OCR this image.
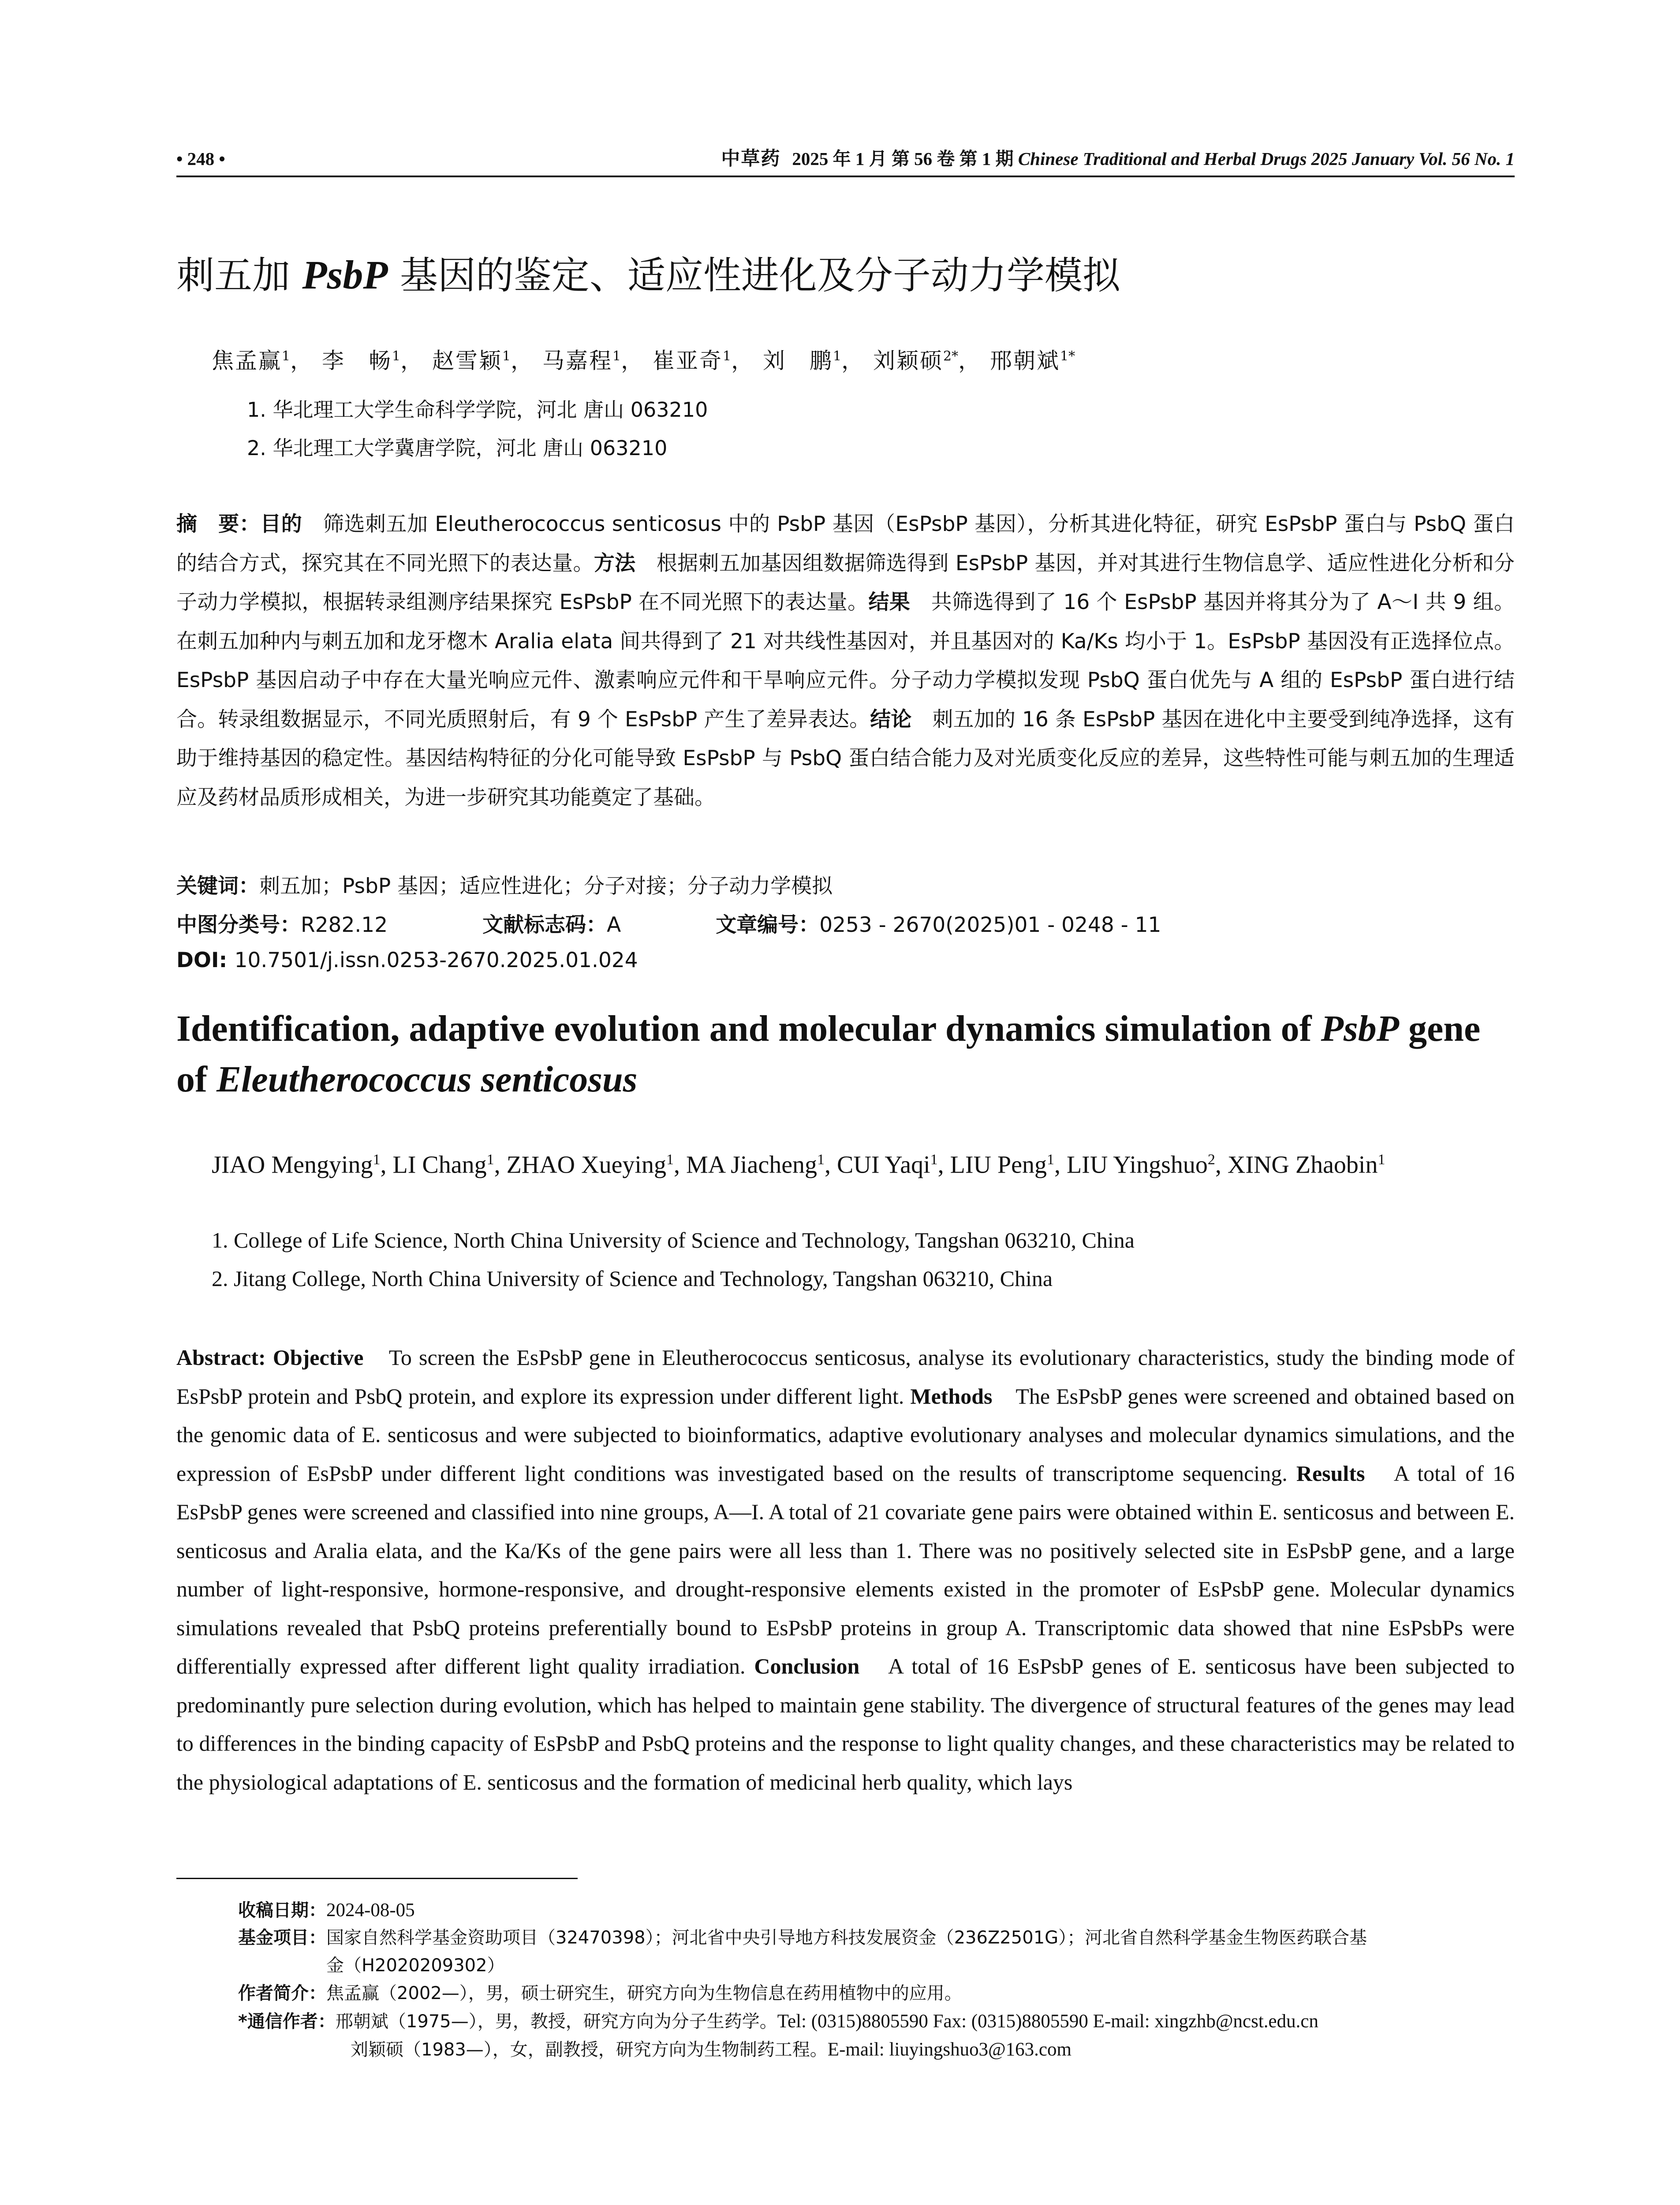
• 248 •	中草药 2025 年 1 月 第 56 卷 第 1 期 Chinese Traditional and Herbal Drugs 2025 January Vol. 56 No. 1
刺五加 PsbP 基因的鉴定、适应性进化及分子动力学模拟
焦孟赢$^1$， 李　畅$^1$， 赵雪颖$^1$， 马嘉程$^1$， 崔亚奇$^1$， 刘　鹏$^1$， 刘颖硕$^{2*}$， 邢朝斌$^{1*}$
1. 华北理工大学生命科学学院，河北 唐山 063210
2. 华北理工大学冀唐学院，河北 唐山 063210
摘　要：目的　筛选刺五加 Eleutherococcus senticosus 中的 PsbP 基因（EsPsbP 基因），分析其进化特征，研究 EsPsbP 蛋白与 PsbQ 蛋白的结合方式，探究其在不同光照下的表达量。方法　根据刺五加基因组数据筛选得到 EsPsbP 基因，并对其进行生物信息学、适应性进化分析和分子动力学模拟，根据转录组测序结果探究 EsPsbP 在不同光照下的表达量。结果　共筛选得到了 16 个 EsPsbP 基因并将其分为了 A～I 共 9 组。在刺五加种内与刺五加和龙牙楤木 Aralia elata 间共得到了 21 对共线性基因对，并且基因对的 Ka/Ks 均小于 1。EsPsbP 基因没有正选择位点。EsPsbP 基因启动子中存在大量光响应元件、激素响应元件和干旱响应元件。分子动力学模拟发现 PsbQ 蛋白优先与 A 组的 EsPsbP 蛋白进行结合。转录组数据显示，不同光质照射后，有 9 个 EsPsbP 产生了差异表达。结论　刺五加的 16 条 EsPsbP 基因在进化中主要受到纯净选择，这有助于维持基因的稳定性。基因结构特征的分化可能导致 EsPsbP 与 PsbQ 蛋白结合能力及对光质变化反应的差异，这些特性可能与刺五加的生理适应及药材品质形成相关，为进一步研究其功能奠定了基础。
关键词：刺五加；PsbP 基因；适应性进化；分子对接；分子动力学模拟
中图分类号：R282.12	文献标志码：A	文章编号：0253 - 2670(2025)01 - 0248 - 11
DOI: 10.7501/j.issn.0253-2670.2025.01.024
Identification, adaptive evolution and molecular dynamics simulation of PsbP gene of Eleutherococcus senticosus
JIAO Mengying$^1$, LI Chang$^1$, ZHAO Xueying$^1$, MA Jiacheng$^1$, CUI Yaqi$^1$, LIU Peng$^1$, LIU Yingshuo$^2$, XING Zhaobin$^1$
1. College of Life Science, North China University of Science and Technology, Tangshan 063210, China
2. Jitang College, North China University of Science and Technology, Tangshan 063210, China
Abstract: Objective　To screen the EsPsbP gene in Eleutherococcus senticosus, analyse its evolutionary characteristics, study the binding mode of EsPsbP protein and PsbQ protein, and explore its expression under different light. Methods　The EsPsbP genes were screened and obtained based on the genomic data of E. senticosus and were subjected to bioinformatics, adaptive evolutionary analyses and molecular dynamics simulations, and the expression of EsPsbP under different light conditions was investigated based on the results of transcriptome sequencing. Results　A total of 16 EsPsbP genes were screened and classified into nine groups, A—I. A total of 21 covariate gene pairs were obtained within E. senticosus and between E. senticosus and Aralia elata, and the Ka/Ks of the gene pairs were all less than 1. There was no positively selected site in EsPsbP gene, and a large number of light-responsive, hormone-responsive, and drought-responsive elements existed in the promoter of EsPsbP gene. Molecular dynamics simulations revealed that PsbQ proteins preferentially bound to EsPsbP proteins in group A. Transcriptomic data showed that nine EsPsbPs were differentially expressed after different light quality irradiation. Conclusion　A total of 16 EsPsbP genes of E. senticosus have been subjected to predominantly pure selection during evolution, which has helped to maintain gene stability. The divergence of structural features of the genes may lead to differences in the binding capacity of EsPsbP and PsbQ proteins and the response to light quality changes, and these characteristics may be related to the physiological adaptations of E. senticosus and the formation of medicinal herb quality, which lays
收稿日期：2024-08-05
基金项目：国家自然科学基金资助项目（32470398）；河北省中央引导地方科技发展资金（236Z2501G）；河北省自然科学基金生物医药联合基
金（H2020209302）
作者简介：焦孟赢（2002—），男，硕士研究生，研究方向为生物信息在药用植物中的应用。
*通信作者：邢朝斌（1975—），男，教授，研究方向为分子生药学。Tel: (0315)8805590 Fax: (0315)8805590 E-mail: xingzhb@ncst.edu.cn
刘颖硕（1983—），女，副教授，研究方向为生物制药工程。E-mail: liuyingshuo3@163.com
